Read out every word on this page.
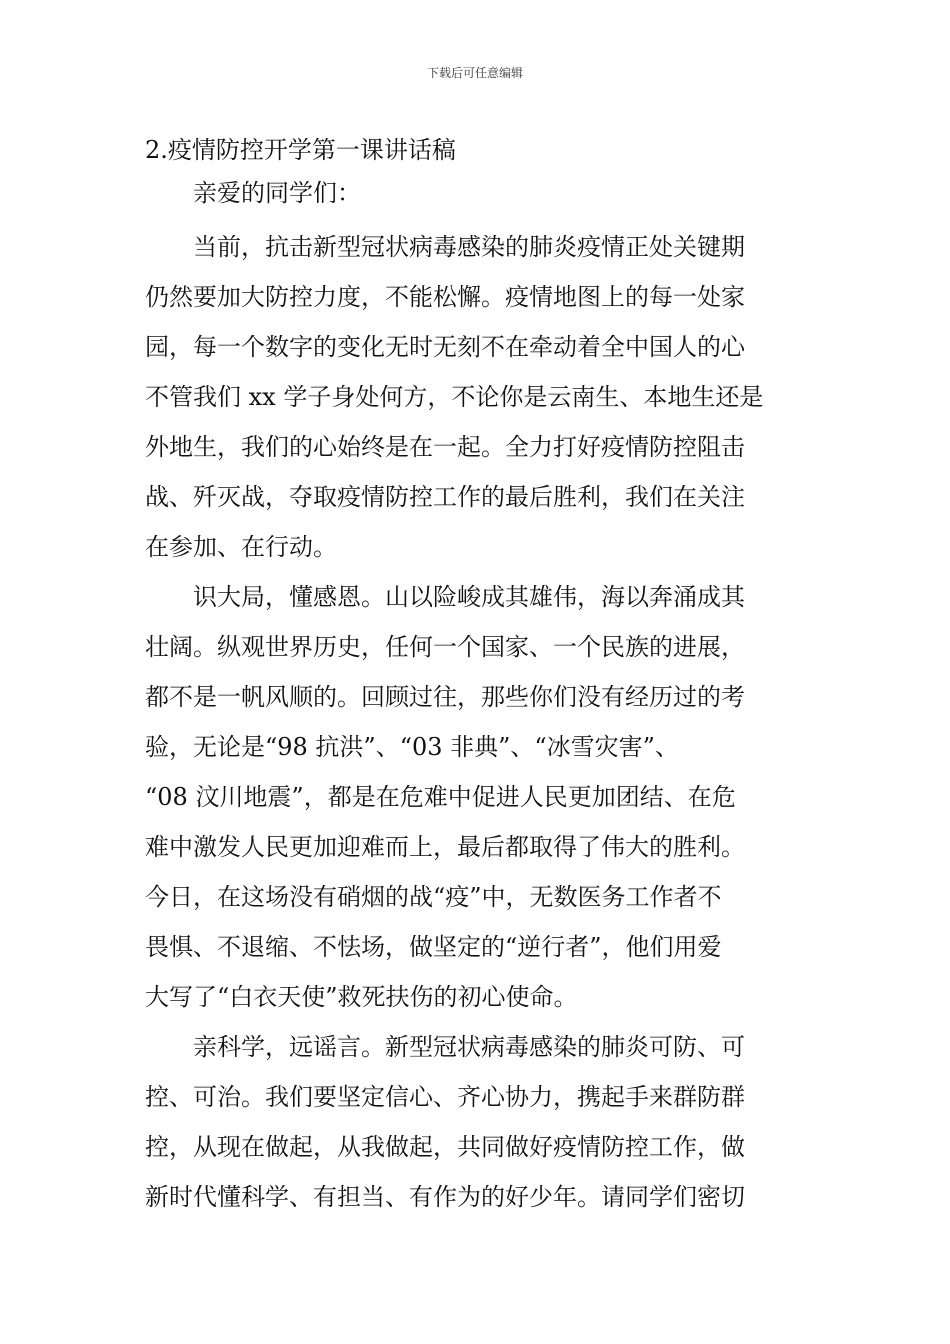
下载后可任意编辑
2.疫情防控开学第一课讲话稿
亲爱的同学们：
当前，抗击新型冠状病毒感染的肺炎疫情正处关键期
仍然要加大防控力度，不能松懈。疫情地图上的每一处家
园，每一个数字的变化无时无刻不在牵动着全中国人的心
不管我们 xx 学子身处何方，不论你是云南生、本地生还是
外地生，我们的心始终是在一起。全力打好疫情防控阻击
战、歼灭战，夺取疫情防控工作的最后胜利，我们在关注
在参加、在行动。
识大局，懂感恩。山以险峻成其雄伟，海以奔涌成其
壮阔。纵观世界历史，任何一个国家、一个民族的进展，
都不是一帆风顺的。回顾过往，那些你们没有经历过的考
验，无论是“98 抗洪”、“03 非典”、“冰雪灾害”、
“08 汶川地震”，都是在危难中促进人民更加团结、在危
难中激发人民更加迎难而上，最后都取得了伟大的胜利。
今日，在这场没有硝烟的战“疫”中，无数医务工作者不
畏惧、不退缩、不怯场，做坚定的“逆行者”，他们用爱
大写了“白衣天使”救死扶伤的初心使命。
亲科学，远谣言。新型冠状病毒感染的肺炎可防、可
控、可治。我们要坚定信心、齐心协力，携起手来群防群
控，从现在做起，从我做起，共同做好疫情防控工作，做
新时代懂科学、有担当、有作为的好少年。请同学们密切
